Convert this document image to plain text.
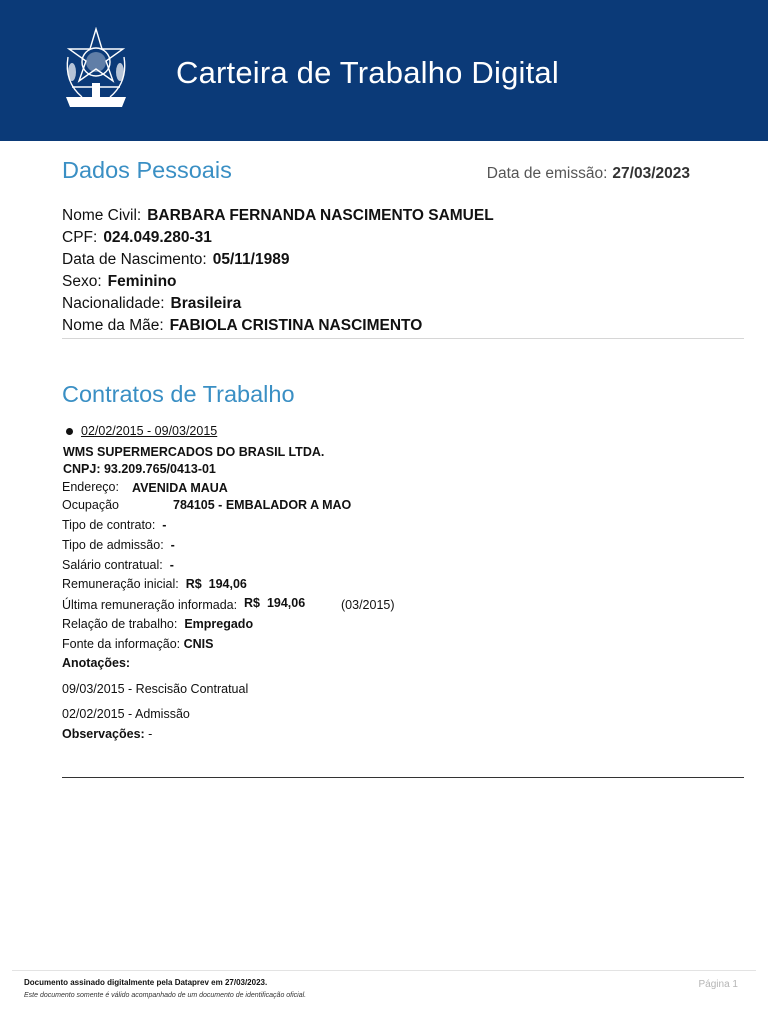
Carteira de Trabalho Digital
Dados Pessoais	Data de emissão: 27/03/2023
Nome Civil: BARBARA FERNANDA NASCIMENTO SAMUEL
CPF: 024.049.280-31
Data de Nascimento: 05/11/1989
Sexo: Feminino
Nacionalidade: Brasileira
Nome da Mãe: FABIOLA CRISTINA NASCIMENTO
Contratos de Trabalho
02/02/2015 - 09/03/2015
WMS SUPERMERCADOS DO BRASIL LTDA.
CNPJ: 93.209.765/0413-01
Endereço: AVENIDA MAUA
Ocupação	784105 - EMBALADOR A MAO
Tipo de contrato: -
Tipo de admissão: -
Salário contratual: -
Remuneração inicial: R$  194,06
Última remuneração informada: R$  194,06	(03/2015)
Relação de trabalho: Empregado
Fonte da informação: CNIS
Anotações:
09/03/2015 - Rescisão Contratual
02/02/2015 - Admissão
Observações: -
Documento assinado digitalmente pela Dataprev em 27/03/2023.
Este documento somente é válido acompanhado de um documento de identificação oficial.
Página 1
